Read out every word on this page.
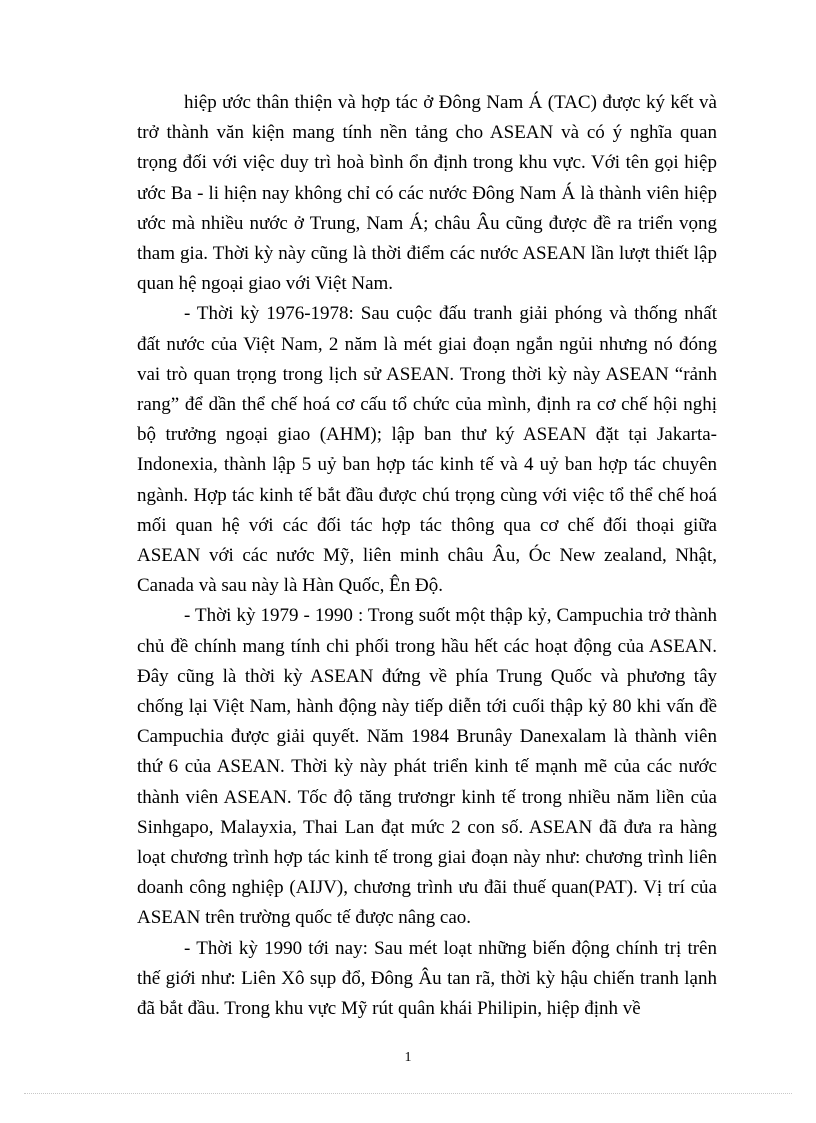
hiệp ước thân thiện và hợp tác ở Đông Nam Á (TAC) được ký kết và trở thành văn kiện mang tính nền tảng cho ASEAN và có ý nghĩa quan trọng đối với việc duy trì hoà bình ổn định trong khu vực. Với tên gọi hiệp ước Ba - li hiện nay không chỉ có các nước Đông Nam Á là thành viên hiệp ước mà nhiều nước ở Trung, Nam Á; châu Âu cũng được đề ra triển vọng tham gia. Thời kỳ này cũng là thời điểm các nước ASEAN lần lượt thiết lập quan hệ ngoại giao với Việt Nam.

- Thời kỳ 1976-1978: Sau cuộc đấu tranh giải phóng và thống nhất đất nước của Việt Nam, 2 năm là mét giai đoạn ngắn ngủi nhưng nó đóng vai trò quan trọng trong lịch sử ASEAN. Trong thời kỳ này ASEAN “rảnh rang” để dần thể chế hoá cơ cấu tổ chức của mình, định ra cơ chế hội nghị bộ trưởng ngoại giao (AHM); lập ban thư ký ASEAN đặt tại Jakarta-Indonexia, thành lập 5 uỷ ban hợp tác kinh tế và 4 uỷ ban hợp tác chuyên ngành. Hợp tác kinh tế bắt đầu được chú trọng cùng với việc tổ thể chế hoá mối quan hệ với các đối tác hợp tác thông qua cơ chế đối thoại giữa ASEAN với các nước Mỹ, liên minh châu Âu, Óc New zealand, Nhật, Canada và sau này là Hàn Quốc, Ên Độ.

- Thời kỳ 1979 - 1990 : Trong suốt một thập kỷ, Campuchia trở thành chủ đề chính mang tính chi phối trong hầu hết các hoạt động của ASEAN. Đây cũng là thời kỳ ASEAN đứng về phía Trung Quốc và phương tây chống lại Việt Nam, hành động này tiếp diễn tới cuối thập kỷ 80 khi vấn đề Campuchia được giải quyết. Năm 1984 Brunây Danexalam là thành viên thứ 6 của ASEAN. Thời kỳ này phát triển kinh tế mạnh mẽ của các nước thành viên ASEAN. Tốc độ tăng trươngr kinh tế trong nhiều năm liền của Sinhgapo, Malayxia, Thai Lan đạt mức 2 con số. ASEAN đã đưa ra hàng loạt chương trình hợp tác kinh tế trong giai đoạn này như: chương trình liên doanh công nghiệp (AIJV), chương trình ưu đãi thuế quan(PAT). Vị trí của ASEAN trên trường quốc tế được nâng cao.

- Thời kỳ 1990 tới nay: Sau mét loạt những biến động chính trị trên thế giới như: Liên Xô sụp đổ, Đông Âu tan rã, thời kỳ hậu chiến tranh lạnh đã bắt đầu. Trong khu vực Mỹ rút quân khái Philipin, hiệp định về

1
